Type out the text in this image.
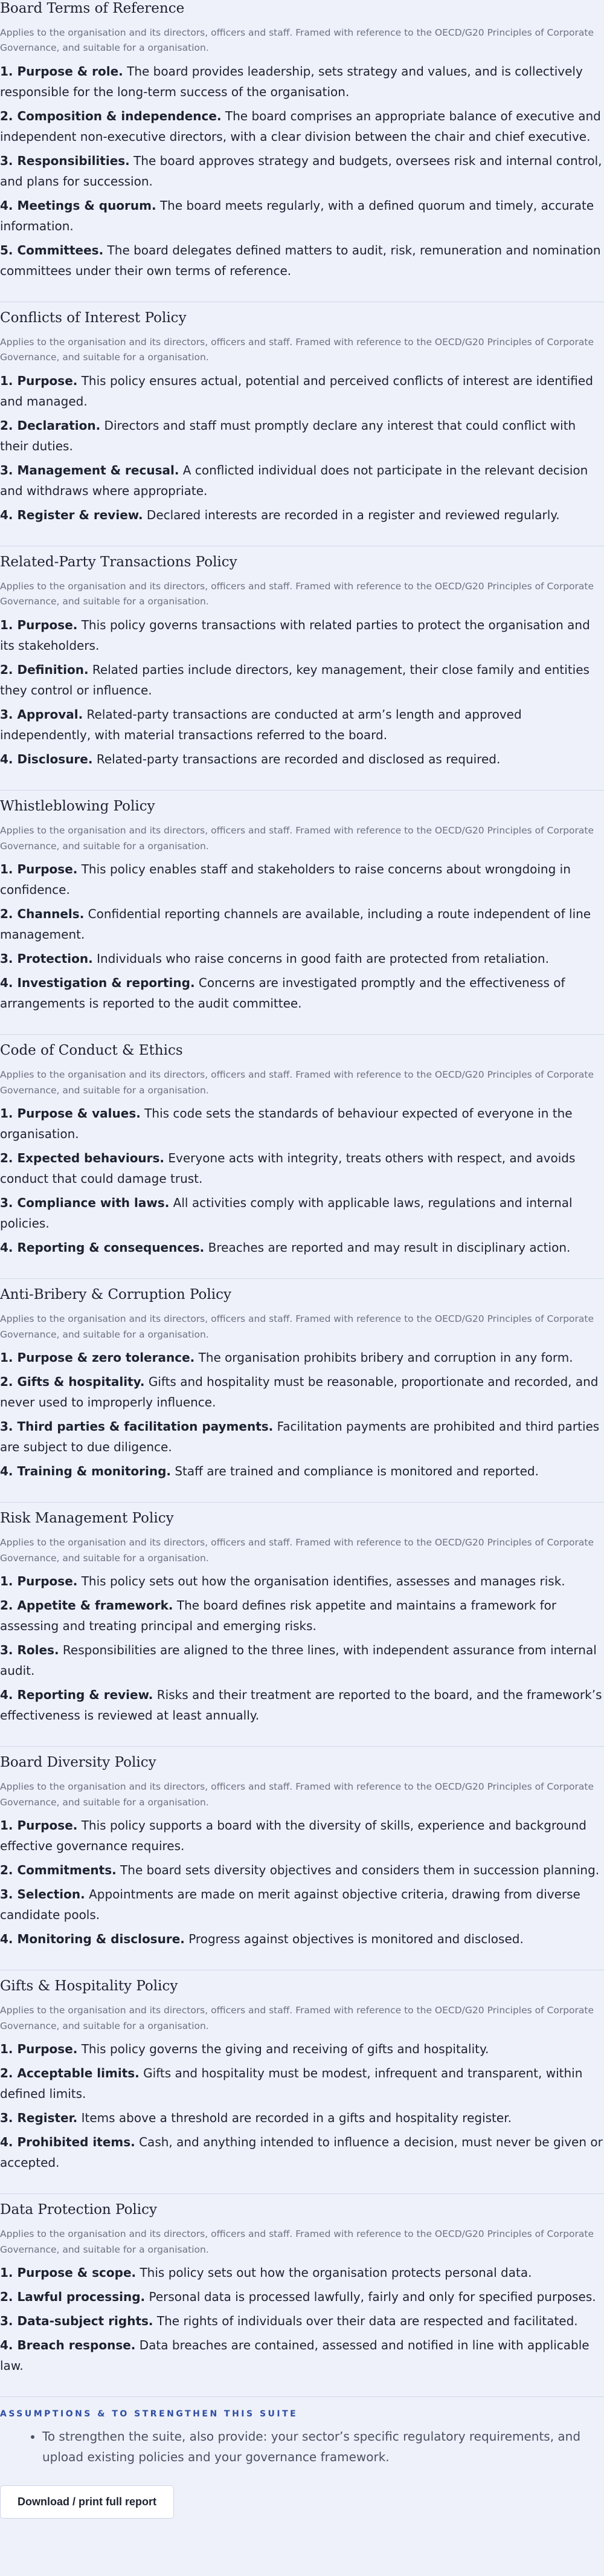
Board Terms of Reference

Applies to the organisation and its directors, officers and staff. Framed with reference to the OECD/G20 Principles of Corporate Governance, and suitable for a organisation.

1. Purpose & role. The board provides leadership, sets strategy and values, and is collectively responsible for the long-term success of the organisation.

2. Composition & independence. The board comprises an appropriate balance of executive and independent non-executive directors, with a clear division between the chair and chief executive.

3. Responsibilities. The board approves strategy and budgets, oversees risk and internal control, and plans for succession.

4. Meetings & quorum. The board meets regularly, with a defined quorum and timely, accurate information.

5. Committees. The board delegates defined matters to audit, risk, remuneration and nomination committees under their own terms of reference.

Conflicts of Interest Policy

Applies to the organisation and its directors, officers and staff. Framed with reference to the OECD/G20 Principles of Corporate Governance, and suitable for a organisation.

1. Purpose. This policy ensures actual, potential and perceived conflicts of interest are identified and managed.

2. Declaration. Directors and staff must promptly declare any interest that could conflict with their duties.

3. Management & recusal. A conflicted individual does not participate in the relevant decision and withdraws where appropriate.

4. Register & review. Declared interests are recorded in a register and reviewed regularly.

Related-Party Transactions Policy

Applies to the organisation and its directors, officers and staff. Framed with reference to the OECD/G20 Principles of Corporate Governance, and suitable for a organisation.

1. Purpose. This policy governs transactions with related parties to protect the organisation and its stakeholders.

2. Definition. Related parties include directors, key management, their close family and entities they control or influence.

3. Approval. Related-party transactions are conducted at arm’s length and approved independently, with material transactions referred to the board.

4. Disclosure. Related-party transactions are recorded and disclosed as required.

Whistleblowing Policy

Applies to the organisation and its directors, officers and staff. Framed with reference to the OECD/G20 Principles of Corporate Governance, and suitable for a organisation.

1. Purpose. This policy enables staff and stakeholders to raise concerns about wrongdoing in confidence.

2. Channels. Confidential reporting channels are available, including a route independent of line management.

3. Protection. Individuals who raise concerns in good faith are protected from retaliation.

4. Investigation & reporting. Concerns are investigated promptly and the effectiveness of arrangements is reported to the audit committee.

Code of Conduct & Ethics

Applies to the organisation and its directors, officers and staff. Framed with reference to the OECD/G20 Principles of Corporate Governance, and suitable for a organisation.

1. Purpose & values. This code sets the standards of behaviour expected of everyone in the organisation.

2. Expected behaviours. Everyone acts with integrity, treats others with respect, and avoids conduct that could damage trust.

3. Compliance with laws. All activities comply with applicable laws, regulations and internal policies.

4. Reporting & consequences. Breaches are reported and may result in disciplinary action.

Anti-Bribery & Corruption Policy

Applies to the organisation and its directors, officers and staff. Framed with reference to the OECD/G20 Principles of Corporate Governance, and suitable for a organisation.

1. Purpose & zero tolerance. The organisation prohibits bribery and corruption in any form.

2. Gifts & hospitality. Gifts and hospitality must be reasonable, proportionate and recorded, and never used to improperly influence.

3. Third parties & facilitation payments. Facilitation payments are prohibited and third parties are subject to due diligence.

4. Training & monitoring. Staff are trained and compliance is monitored and reported.

Risk Management Policy

Applies to the organisation and its directors, officers and staff. Framed with reference to the OECD/G20 Principles of Corporate Governance, and suitable for a organisation.

1. Purpose. This policy sets out how the organisation identifies, assesses and manages risk.

2. Appetite & framework. The board defines risk appetite and maintains a framework for assessing and treating principal and emerging risks.

3. Roles. Responsibilities are aligned to the three lines, with independent assurance from internal audit.

4. Reporting & review. Risks and their treatment are reported to the board, and the framework’s effectiveness is reviewed at least annually.

Board Diversity Policy

Applies to the organisation and its directors, officers and staff. Framed with reference to the OECD/G20 Principles of Corporate Governance, and suitable for a organisation.

1. Purpose. This policy supports a board with the diversity of skills, experience and background effective governance requires.

2. Commitments. The board sets diversity objectives and considers them in succession planning.

3. Selection. Appointments are made on merit against objective criteria, drawing from diverse candidate pools.

4. Monitoring & disclosure. Progress against objectives is monitored and disclosed.

Gifts & Hospitality Policy

Applies to the organisation and its directors, officers and staff. Framed with reference to the OECD/G20 Principles of Corporate Governance, and suitable for a organisation.

1. Purpose. This policy governs the giving and receiving of gifts and hospitality.

2. Acceptable limits. Gifts and hospitality must be modest, infrequent and transparent, within defined limits.

3. Register. Items above a threshold are recorded in a gifts and hospitality register.

4. Prohibited items. Cash, and anything intended to influence a decision, must never be given or accepted.

Data Protection Policy

Applies to the organisation and its directors, officers and staff. Framed with reference to the OECD/G20 Principles of Corporate Governance, and suitable for a organisation.

1. Purpose & scope. This policy sets out how the organisation protects personal data.

2. Lawful processing. Personal data is processed lawfully, fairly and only for specified purposes.

3. Data-subject rights. The rights of individuals over their data are respected and facilitated.

4. Breach response. Data breaches are contained, assessed and notified in line with applicable law.

ASSUMPTIONS & TO STRENGTHEN THIS SUITE
• To strengthen the suite, also provide: your sector’s specific regulatory requirements, and upload existing policies and your governance framework.
Download / print full report
